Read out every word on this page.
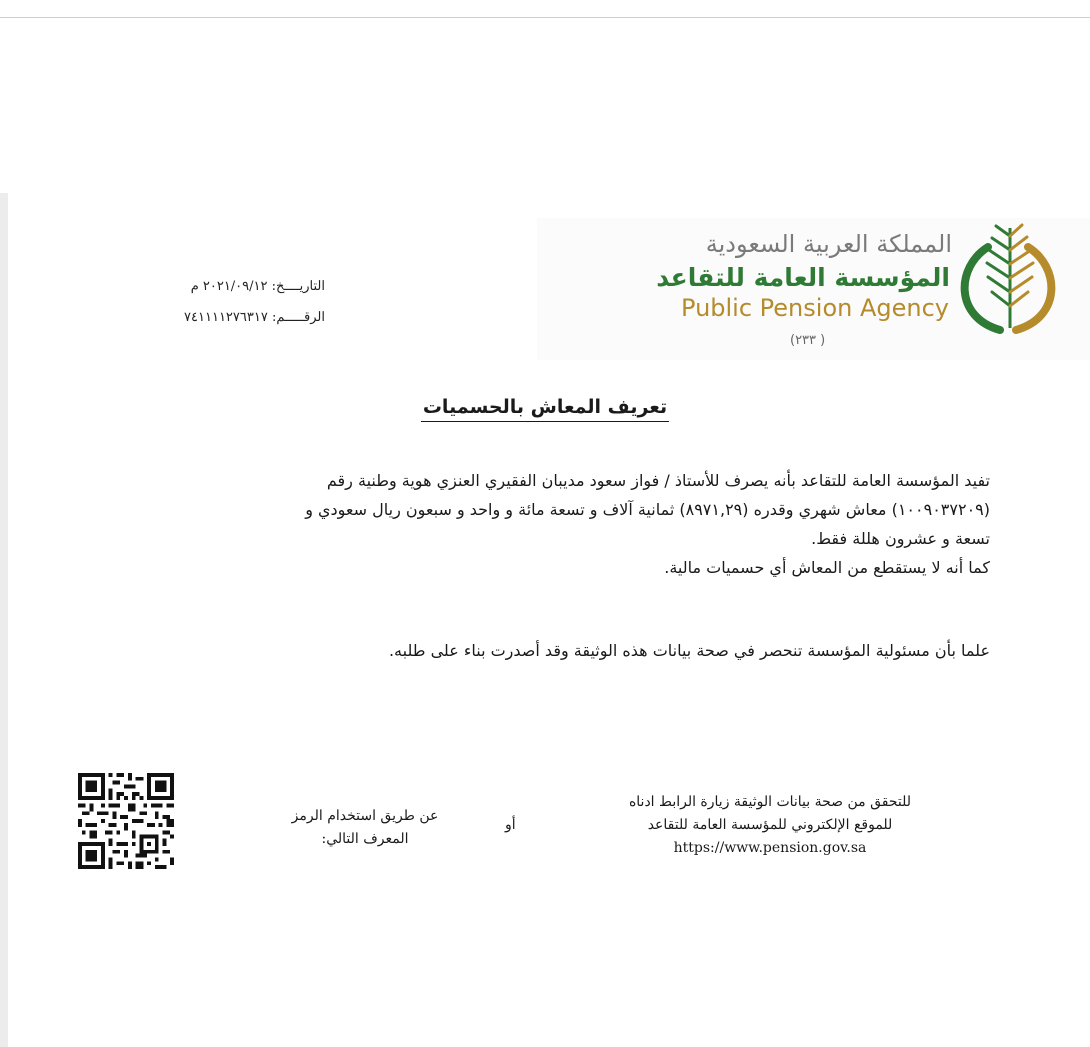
المملكة العربية السعودية
المؤسسة العامة للتقاعد
Public Pension Agency
(٢٣٣ )
التاريــــخ: ٢٠٢١/٠٩/١٢ م
الرقـــــم: ٧٤١١١١٢٧٦٣١٧
تعريف المعاش بالحسميات
تفيد المؤسسة العامة للتقاعد بأنه يصرف للأستاذ / فواز سعود مديبان الفقيري العنزي هوية وطنية رقم
(١٠٠٩٠٣٧٢٠٩) معاش شهري وقدره (٨٩٧١,٢٩) ثمانية آلاف و تسعة مائة و واحد و سبعون ريال سعودي و
تسعة و عشرون هللة فقط.
كما أنه لا يستقطع من المعاش أي حسميات مالية.
علما بأن مسئولية المؤسسة تنحصر في صحة بيانات هذه الوثيقة وقد أصدرت بناء على طلبه.
للتحقق من صحة بيانات الوثيقة زيارة الرابط ادناه
للموقع الإلكتروني للمؤسسة العامة للتقاعد
https://www.pension.gov.sa
أو
عن طريق استخدام الرمز
المعرف التالي:
